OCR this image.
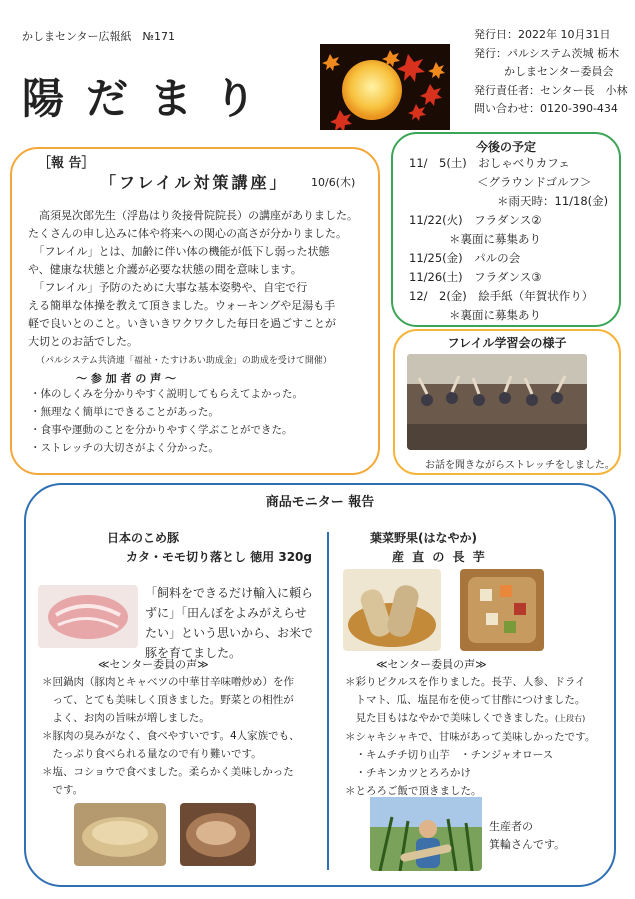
かしまセンター広報紙　№171
陽だまり
発行日：2022年 10月31日
発行：パルシステム茨城 栃木
かしまセンター委員会
発行責任者：センター長　小林
問い合わせ：0120-390-434
［報 告］
「フレイル対策講座」 10/6(木)
　高須晃次郎先生（浮島はり灸接骨院院長）の講座がありました。
たくさんの申し込みに体や将来への関心の高さが分かりました。
　「フレイル」とは、加齢に伴い体の機能が低下し弱った状態
や、健康な状態と介護が必要な状態の間を意味します。
　「フレイル」予防のために大事な基本姿勢や、自宅で行
える簡単な体操を教えて頂きました。ウォーキングや足湯も手
軽で良いとのこと。いきいきワクワクした毎日を過ごすことが
大切とのお話でした。
（パルシステム共済連「福祉・たすけあい助成金」の助成を受けて開催）
～ 参 加 者 の 声 ～
・体のしくみを分かりやすく説明してもらえてよかった。
・無理なく簡単にできることがあった。
・食事や運動のことを分かりやすく学ぶことができた。
・ストレッチの大切さがよく分かった。
今後の予定
11/　5(土)　おしゃべりカフェ
＜グラウンドゴルフ＞
＊雨天時：11/18(金)
11/22(火)　フラダンス②
＊裏面に募集あり
11/25(金)　パルの会
11/26(土)　フラダンス③
12/　2(金)　絵手紙（年賀状作り）
＊裏面に募集あり
フレイル学習会の様子
お話を聞きながらストレッチをしました。
商品モニター 報告
日本のこめ豚
カタ・モモ切り落とし 徳用 320g
「飼料をできるだけ輸入に頼ら
ずに」「田んぼをよみがえらせ
たい」という思いから、お米で
豚を育てました。
≪センター委員の声≫
＊回鍋肉（豚肉とキャベツの中華甘辛味噌炒め）を作
　って、とても美味しく頂きました。野菜との相性が
　よく、お肉の旨味が増しました。
＊豚肉の臭みがなく、食べやすいです。4人家族でも、
　たっぷり食べられる量なので有り難いです。
＊塩、コショウで食べました。柔らかく美味しかった
　です。
葉菜野果(はなやか)
産 直 の 長 芋
≪センター委員の声≫
＊彩りピクルスを作りました。長芋、人参、ドライ
　トマト、瓜、塩昆布を使って甘酢につけました。
　見た目もはなやかで美味しくできました。(上段右)
＊シャキシャキで、甘味があって美味しかったです。
　・キムチチ切り山芋　・チンジャオロース
　・チキンカツとろろかけ
＊とろろご飯で頂きました。
生産者の
箕輪さんです。
